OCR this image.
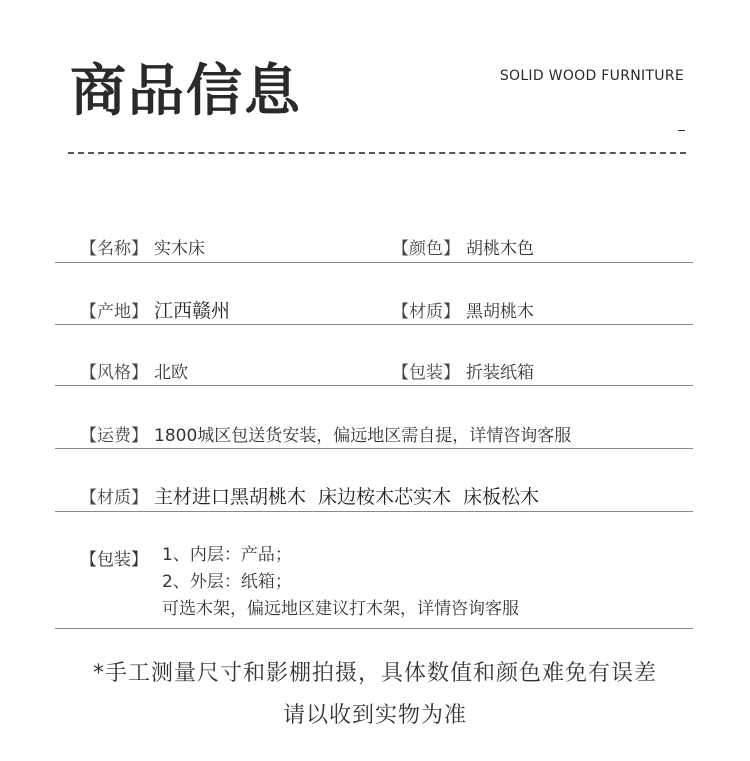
商品信息	SOLID WOOD FURNITURE
【名称】 实木床	【颜色】 胡桃木色
【产地】 江西赣州	【材质】 黑胡桃木
【风格】 北欧	【包装】 折装纸箱
【运费】 1800城区包送货安装，偏远地区需自提，详情咨询客服
【材质】 主材进口黑胡桃木  床边桉木芯实木  床板松木
【包装】 1、内层：产品；
2、外层：纸箱；
可选木架，偏远地区建议打木架，详情咨询客服
*手工测量尺寸和影棚拍摄，具体数值和颜色难免有误差
请以收到实物为准
